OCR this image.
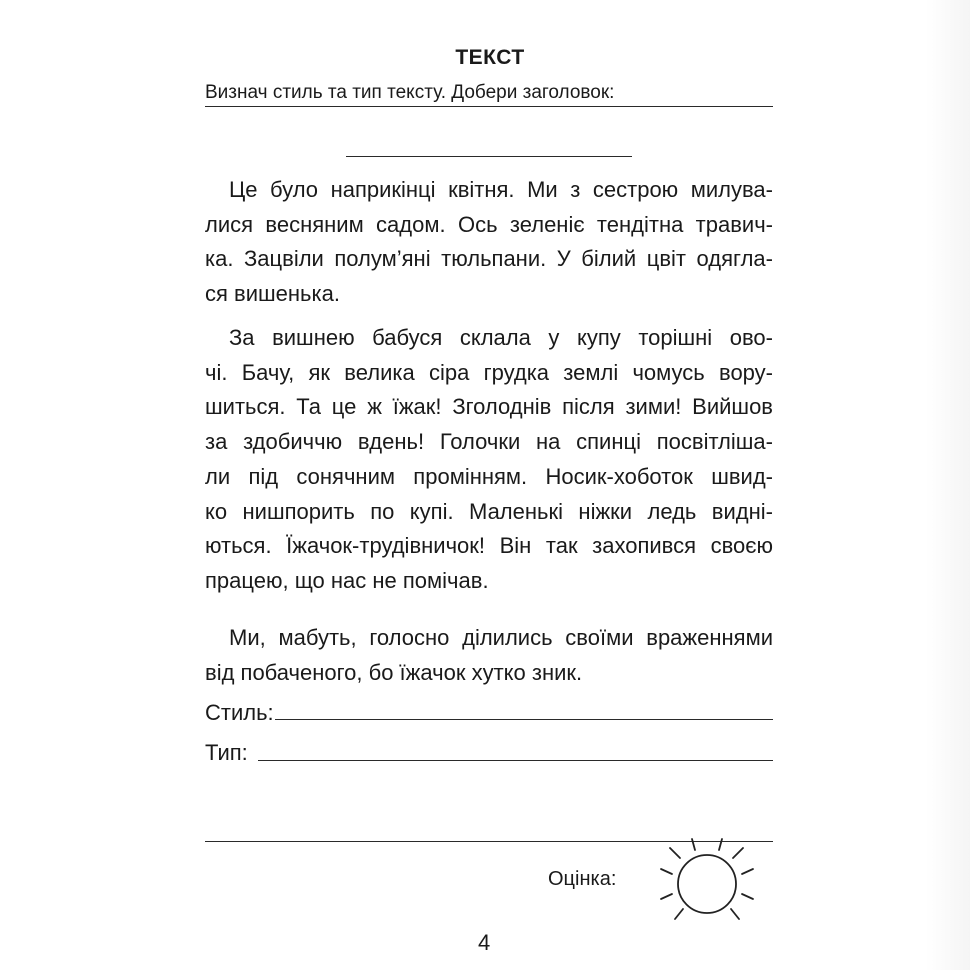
ТЕКСТ
Визнач стиль та тип тексту. Добери заголовок:
Це було наприкінці квітня. Ми з сестрою милува-
лися весняним садом. Ось зеленіє тендітна травич-
ка. Зацвіли полум’яні тюльпани. У білий цвіт одягла-
ся вишенька.
За вишнею бабуся склала у купу торішні ово-
чі. Бачу, як велика сіра грудка землі чомусь вору-
шиться. Та це ж їжак! Зголоднів після зими! Вийшов
за здобиччю вдень! Голочки на спинці посвітліша-
ли під сонячним промінням. Носик-хоботок швид-
ко нишпорить по купі. Маленькі ніжки ледь видні-
ються. Їжачок-трудівничок! Він так захопився своєю
працею, що нас не помічав.
Ми, мабуть, голосно ділились своїми враженнями
від побаченого, бо їжачок хутко зник.
Стиль:
Тип:
Оцінка:
4
